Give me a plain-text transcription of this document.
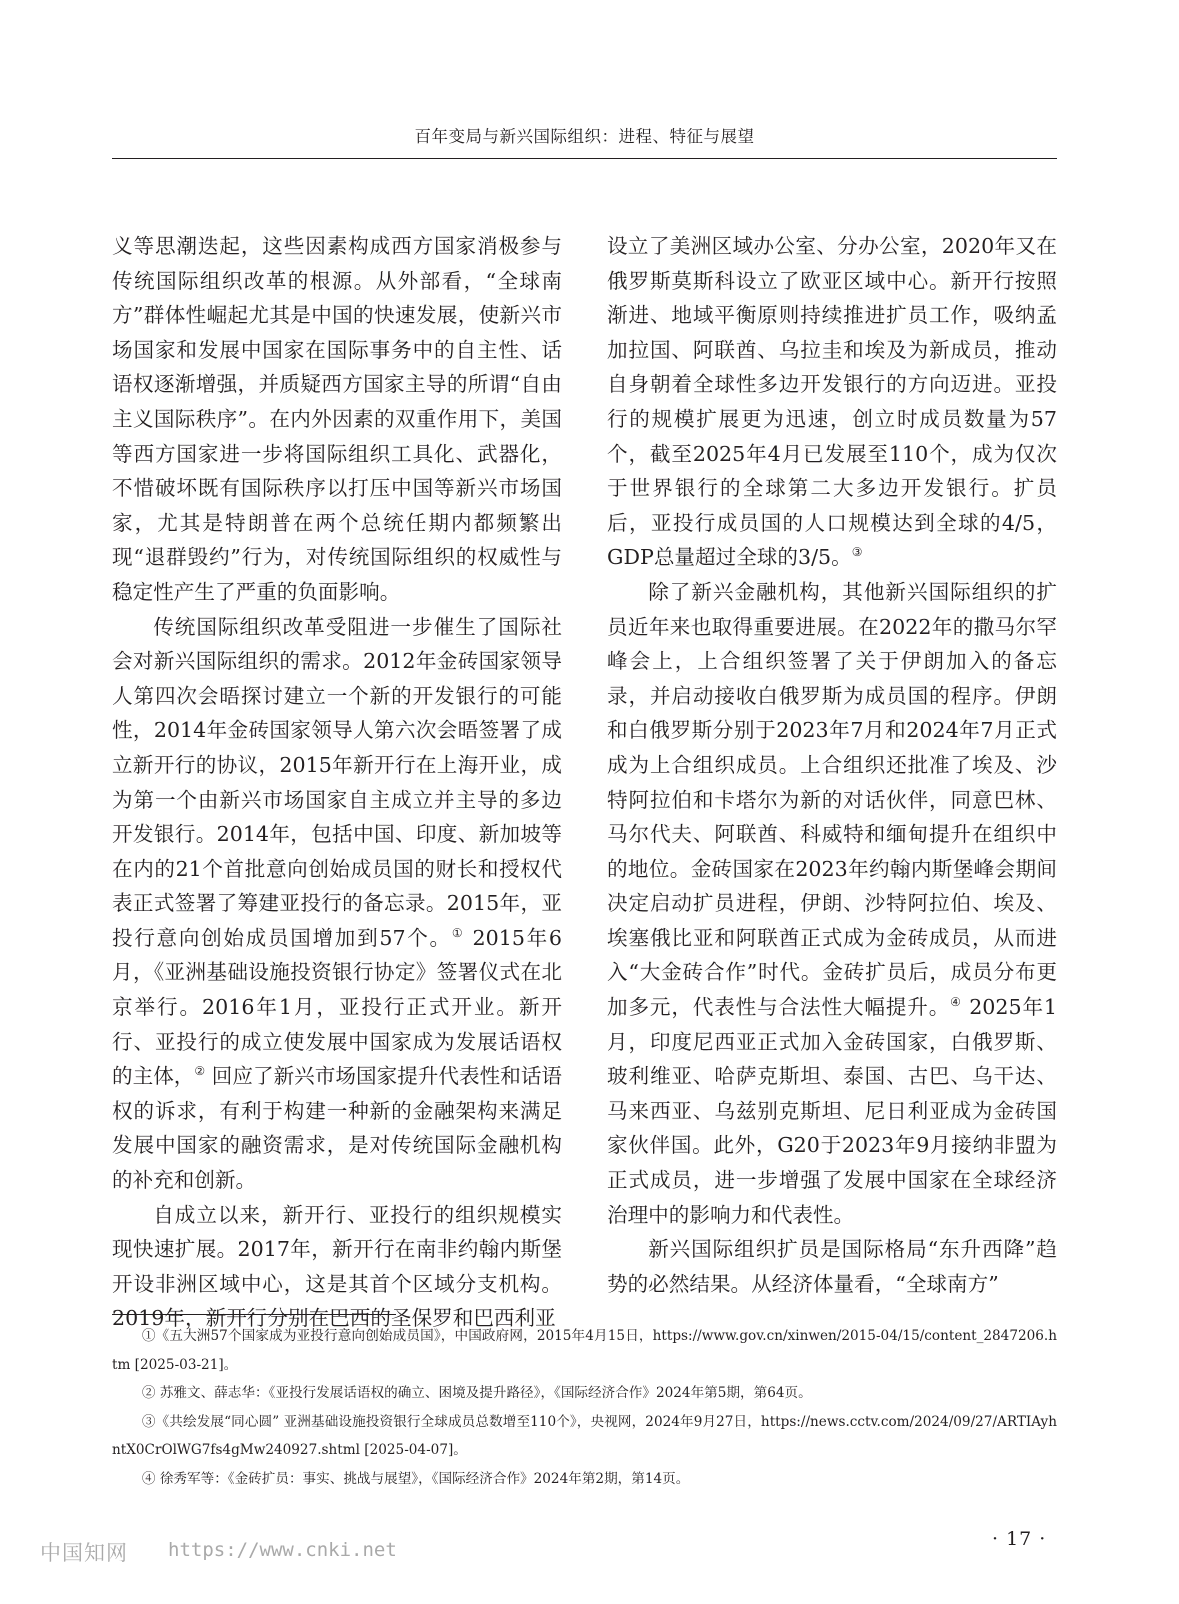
百年变局与新兴国际组织：进程、特征与展望

义等思潮迭起，这些因素构成西方国家消极参与传统国际组织改革的根源。从外部看，“全球南方”群体性崛起尤其是中国的快速发展，使新兴市场国家和发展中国家在国际事务中的自主性、话语权逐渐增强，并质疑西方国家主导的所谓“自由主义国际秩序”。在内外因素的双重作用下，美国等西方国家进一步将国际组织工具化、武器化，不惜破坏既有国际秩序以打压中国等新兴市场国家，尤其是特朗普在两个总统任期内都频繁出现“退群毁约”行为，对传统国际组织的权威性与稳定性产生了严重的负面影响。

传统国际组织改革受阻进一步催生了国际社会对新兴国际组织的需求。2012年金砖国家领导人第四次会晤探讨建立一个新的开发银行的可能性，2014年金砖国家领导人第六次会晤签署了成立新开行的协议，2015年新开行在上海开业，成为第一个由新兴市场国家自主成立并主导的多边开发银行。2014年，包括中国、印度、新加坡等在内的21个首批意向创始成员国的财长和授权代表正式签署了筹建亚投行的备忘录。2015年，亚投行意向创始成员国增加到57个。① 2015年6月，《亚洲基础设施投资银行协定》签署仪式在北京举行。2016年1月，亚投行正式开业。新开行、亚投行的成立使发展中国家成为发展话语权的主体，② 回应了新兴市场国家提升代表性和话语权的诉求，有利于构建一种新的金融架构来满足发展中国家的融资需求，是对传统国际金融机构的补充和创新。

自成立以来，新开行、亚投行的组织规模实现快速扩展。2017年，新开行在南非约翰内斯堡开设非洲区域中心，这是其首个区域分支机构。2019年，新开行分别在巴西的圣保罗和巴西利亚

设立了美洲区域办公室、分办公室，2020年又在俄罗斯莫斯科设立了欧亚区域中心。新开行按照渐进、地域平衡原则持续推进扩员工作，吸纳孟加拉国、阿联酋、乌拉圭和埃及为新成员，推动自身朝着全球性多边开发银行的方向迈进。亚投行的规模扩展更为迅速，创立时成员数量为57个，截至2025年4月已发展至110个，成为仅次于世界银行的全球第二大多边开发银行。扩员后，亚投行成员国的人口规模达到全球的4/5，GDP总量超过全球的3/5。③

除了新兴金融机构，其他新兴国际组织的扩员近年来也取得重要进展。在2022年的撒马尔罕峰会上，上合组织签署了关于伊朗加入的备忘录，并启动接收白俄罗斯为成员国的程序。伊朗和白俄罗斯分别于2023年7月和2024年7月正式成为上合组织成员。上合组织还批准了埃及、沙特阿拉伯和卡塔尔为新的对话伙伴，同意巴林、马尔代夫、阿联酋、科威特和缅甸提升在组织中的地位。金砖国家在2023年约翰内斯堡峰会期间决定启动扩员进程，伊朗、沙特阿拉伯、埃及、埃塞俄比亚和阿联酋正式成为金砖成员，从而进入“大金砖合作”时代。金砖扩员后，成员分布更加多元，代表性与合法性大幅提升。④ 2025年1月，印度尼西亚正式加入金砖国家，白俄罗斯、玻利维亚、哈萨克斯坦、泰国、古巴、乌干达、马来西亚、乌兹别克斯坦、尼日利亚成为金砖国家伙伴国。此外，G20于2023年9月接纳非盟为正式成员，进一步增强了发展中国家在全球经济治理中的影响力和代表性。

新兴国际组织扩员是国际格局“东升西降”趋势的必然结果。从经济体量看，“全球南方”

①《五大洲57个国家成为亚投行意向创始成员国》，中国政府网，2015年4月15日，https://www.gov.cn/xinwen/2015-04/15/content_2847206.htm [2025-03-21]。

② 苏雅文、薛志华：《亚投行发展话语权的确立、困境及提升路径》，《国际经济合作》2024年第5期，第64页。

③《共绘发展“同心圆” 亚洲基础设施投资银行全球成员总数增至110个》，央视网，2024年9月27日，https://news.cctv.com/2024/09/27/ARTIAyhntX0CrOlWG7fs4gMw240927.shtml [2025-04-07]。

④ 徐秀军等：《金砖扩员：事实、挑战与展望》，《国际经济合作》2024年第2期，第14页。

中国知网 https://www.cnki.net	· 17 ·
